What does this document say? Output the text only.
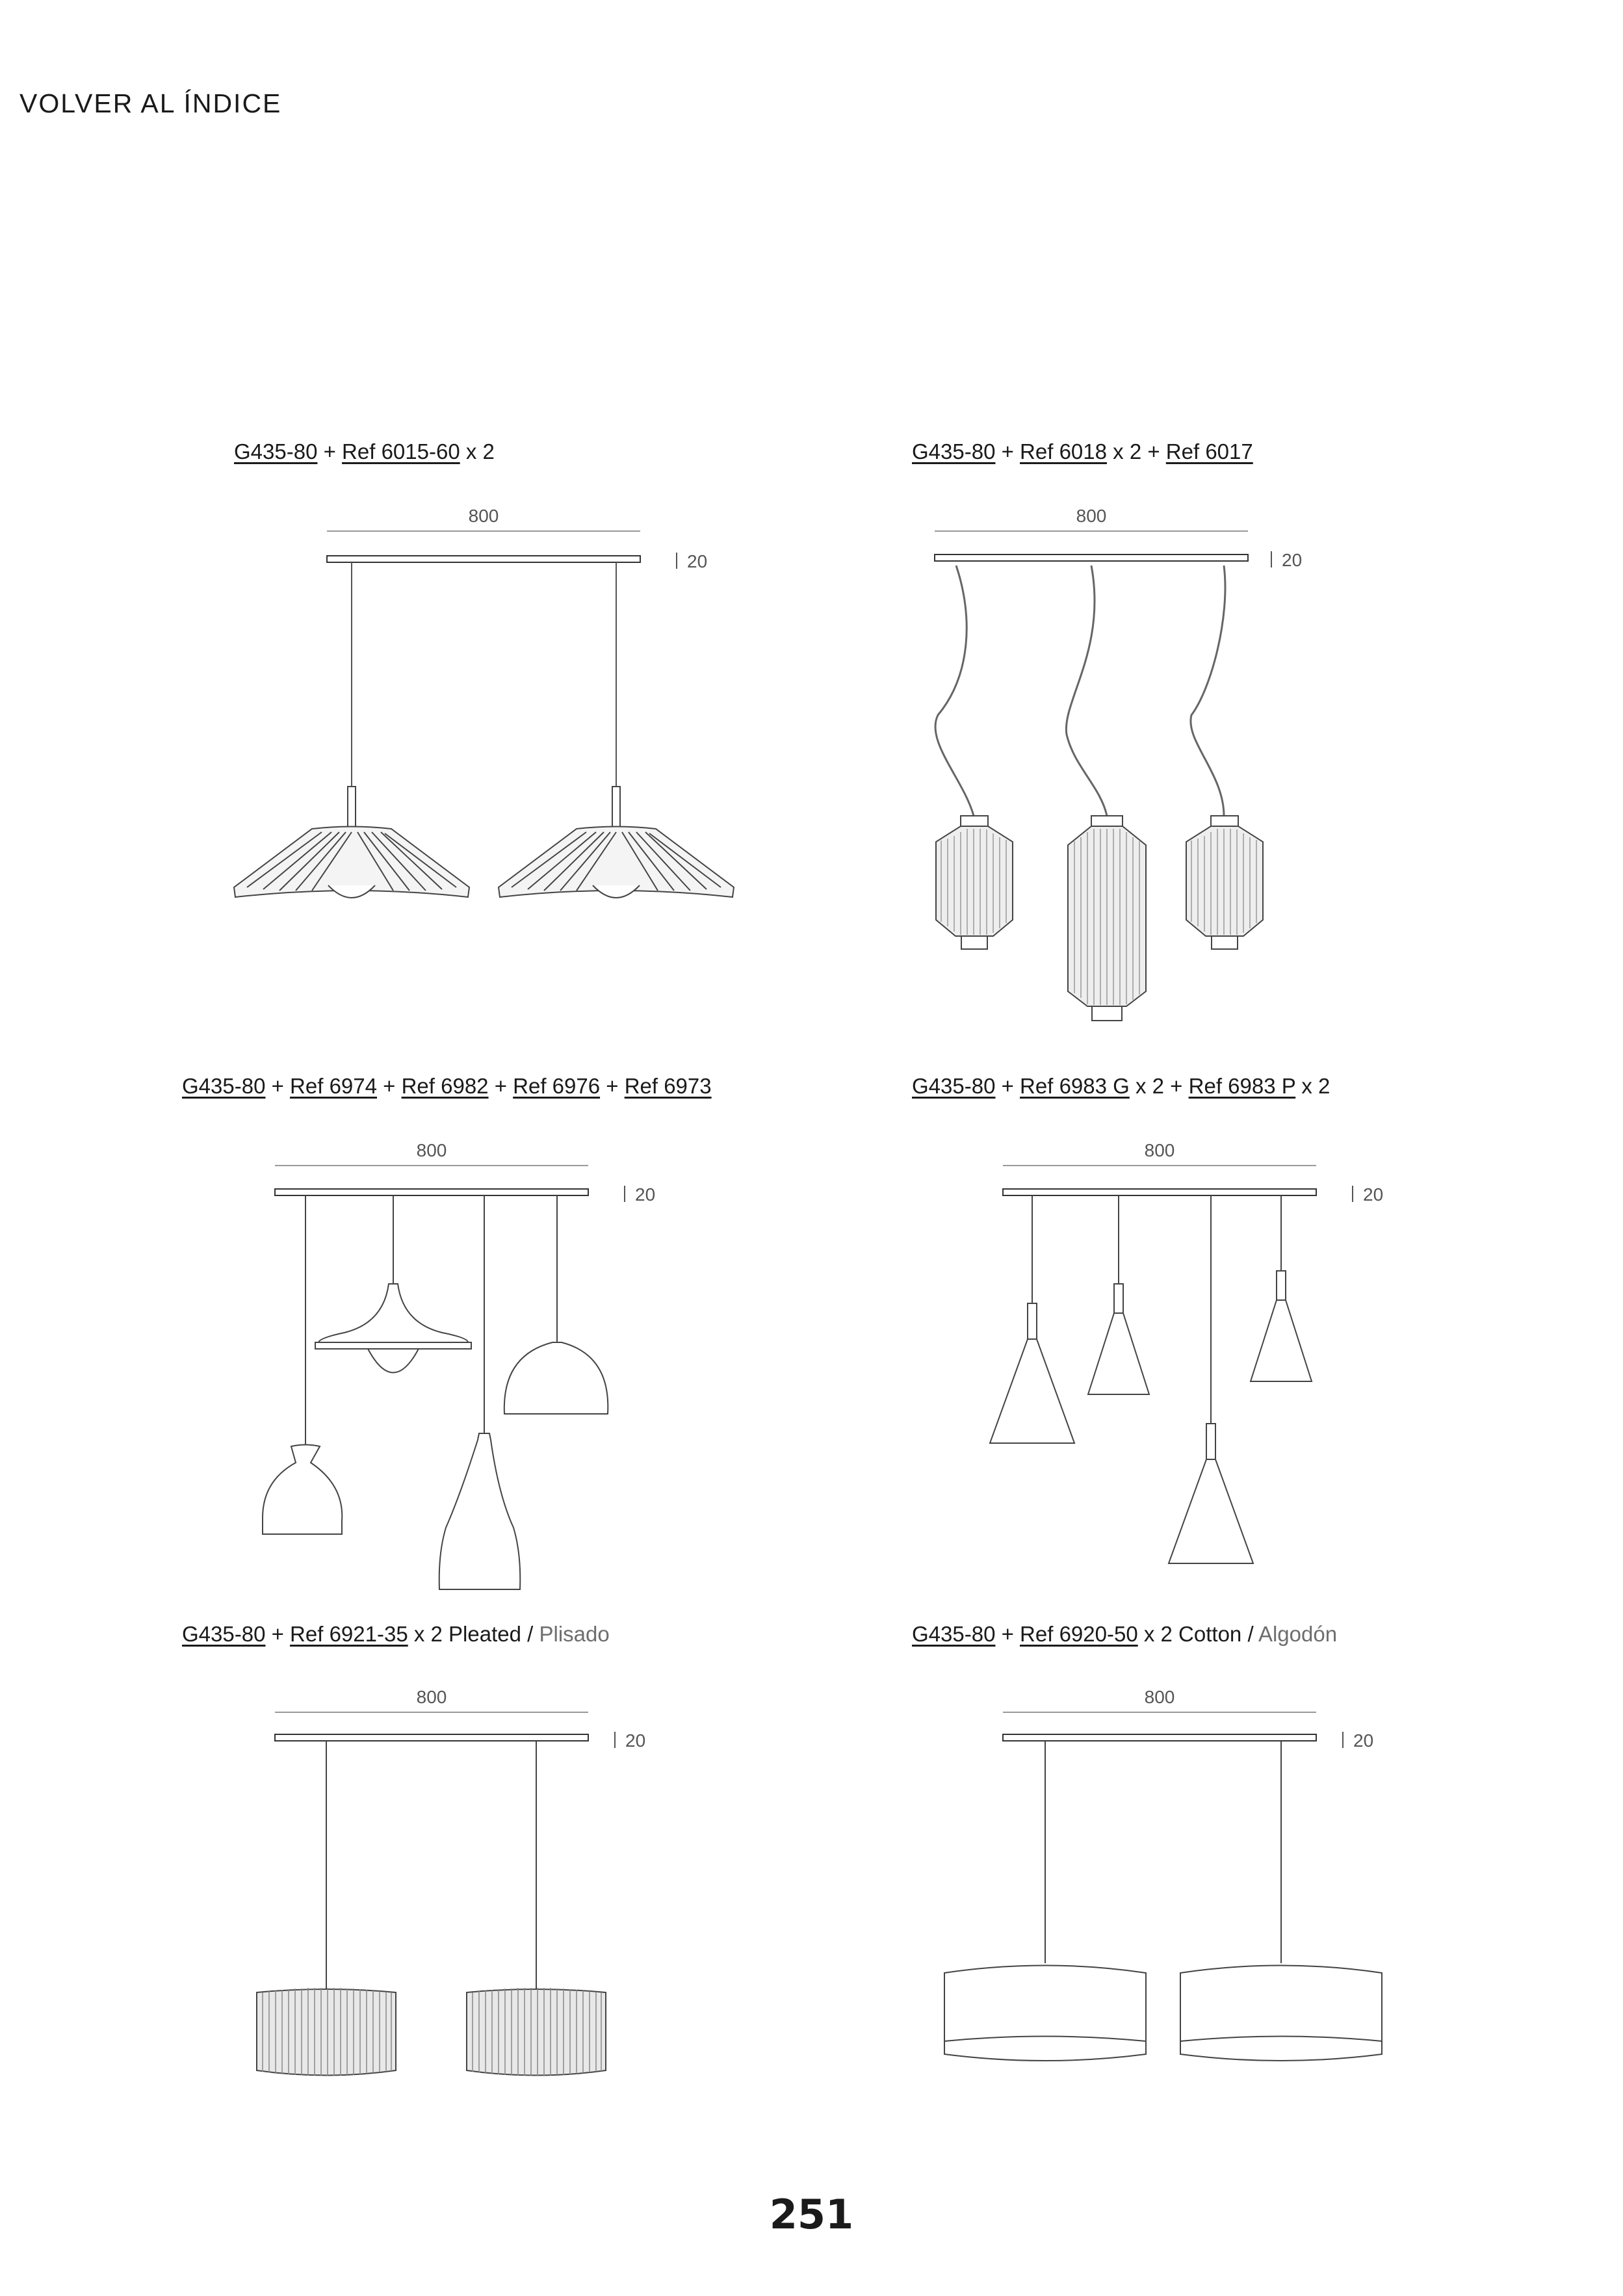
VOLVER AL ÍNDICE
G435-80 + Ref 6015-60 x 2
800
20
G435-80 + Ref 6018 x 2 + Ref 6017
800
20
G435-80 + Ref 6974 + Ref 6982 + Ref 6976 + Ref 6973
800
20
G435-80 + Ref 6983 G x 2 + Ref 6983 P x 2
800
20
G435-80 + Ref 6921-35 x 2 Pleated / Plisado
800
20
G435-80 + Ref 6920-50 x 2 Cotton / Algodón
800
20
251
